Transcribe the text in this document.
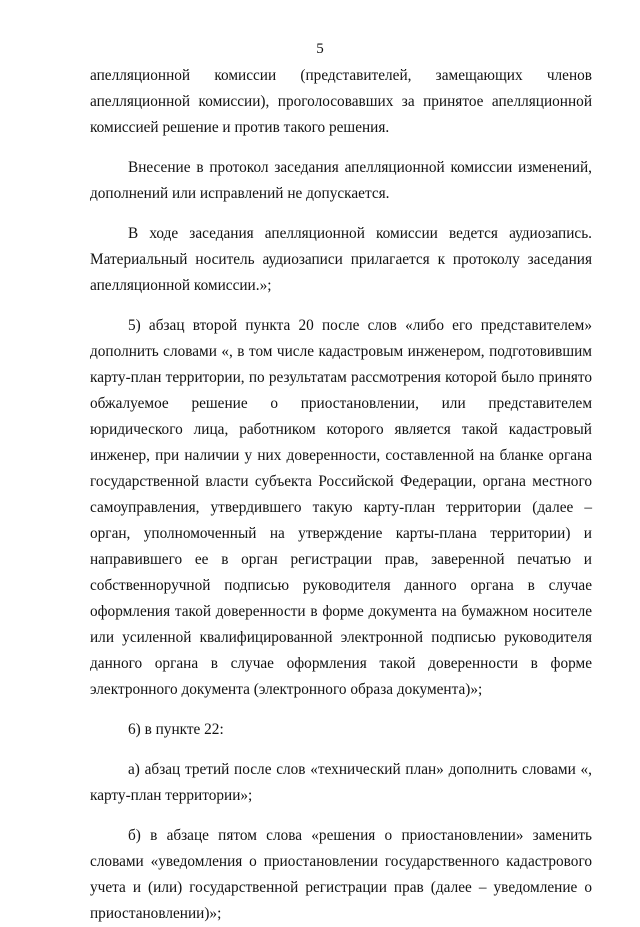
5

апелляционной комиссии (представителей, замещающих членов апелляционной комиссии), проголосовавших за принятое апелляционной комиссией решение и против такого решения.

Внесение в протокол заседания апелляционной комиссии изменений, дополнений или исправлений не допускается.

В ходе заседания апелляционной комиссии ведется аудиозапись. Материальный носитель аудиозаписи прилагается к протоколу заседания апелляционной комиссии.»;

5) абзац второй пункта 20 после слов «либо его представителем» дополнить словами «, в том числе кадастровым инженером, подготовившим карту-план территории, по результатам рассмотрения которой было принято обжалуемое решение о приостановлении, или представителем юридического лица, работником которого является такой кадастровый инженер, при наличии у них доверенности, составленной на бланке органа государственной власти субъекта Российской Федерации, органа местного самоуправления, утвердившего такую карту-план территории (далее – орган, уполномоченный на утверждение карты-плана территории) и направившего ее в орган регистрации прав, заверенной печатью и собственноручной подписью руководителя данного органа в случае оформления такой доверенности в форме документа на бумажном носителе или усиленной квалифицированной электронной подписью руководителя данного органа в случае оформления такой доверенности в форме электронного документа (электронного образа документа)»;

6) в пункте 22:

а) абзац третий после слов «технический план» дополнить словами «, карту-план территории»;

б) в абзаце пятом слова «решения о приостановлении» заменить словами «уведомления о приостановлении государственного кадастрового учета и (или) государственной регистрации прав (далее – уведомление о приостановлении)»;
